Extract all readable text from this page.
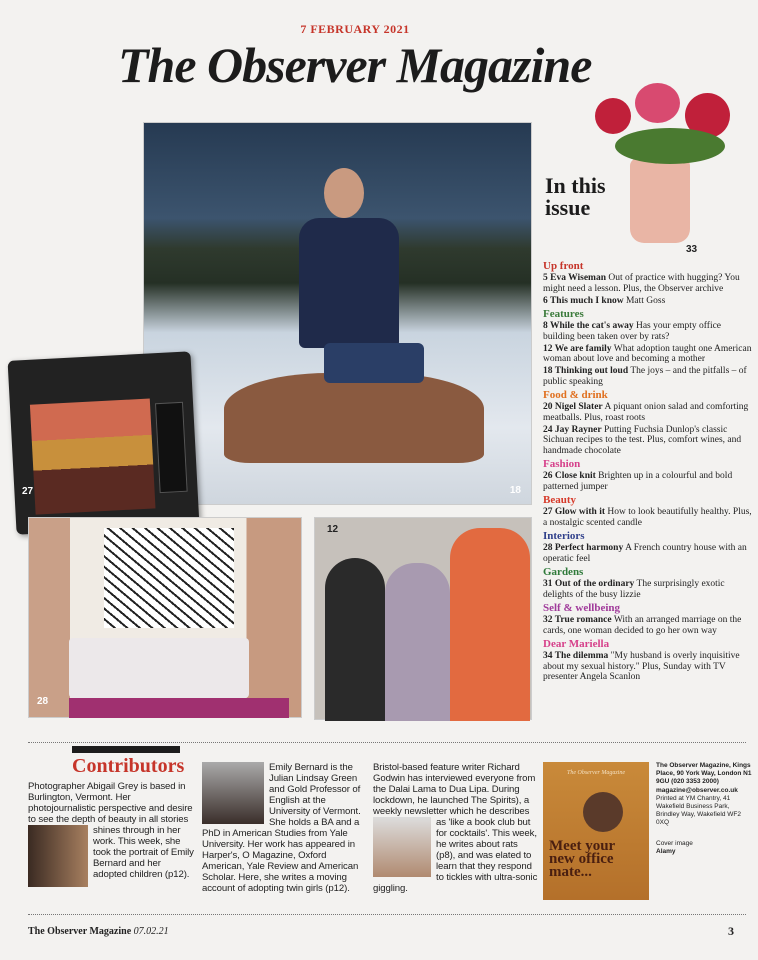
7 FEBRUARY 2021
33
The Observer Magazine
18
27
In this
issue
Up front

5 Eva Wiseman Out of practice with hugging? You might need a lesson. Plus, the Observer archive

6 This much I know Matt Goss

Features

8 While the cat's away Has your empty office building been taken over by rats?

12 We are family What adoption taught one American woman about love and becoming a mother

18 Thinking out loud The joys – and the pitfalls – of public speaking

Food & drink

20 Nigel Slater A piquant onion salad and comforting meatballs. Plus, roast roots

24 Jay Rayner Putting Fuchsia Dunlop's classic Sichuan recipes to the test. Plus, comfort wines, and handmade chocolate

Fashion

26 Close knit Brighten up in a colourful and bold patterned jumper

Beauty

27 Glow with it How to look beautifully healthy. Plus, a nostalgic scented candle

Interiors

28 Perfect harmony A French country house with an operatic feel

Gardens

31 Out of the ordinary The surprisingly exotic delights of the busy lizzie

Self & wellbeing

32 True romance With an arranged marriage on the cards, one woman decided to go her own way

Dear Mariella

34 The dilemma "My husband is overly inquisitive about my sexual history." Plus, Sunday with TV presenter Angela Scanlon

28
12
Contributors
Photographer Abigail Grey is based in Burlington, Vermont. Her photojournalistic perspective and desire to see the depth of beauty in all stories shines through in her work. This week, she took the portrait of Emily Bernard and her adopted children (p12).
Emily Bernard is the Julian Lindsay Green and Gold Professor of English at the University of Vermont. She holds a BA and a PhD in American Studies from Yale University. Her work has appeared in Harper's, O Magazine, Oxford American, Yale Review and American Scholar. Here, she writes a moving account of adopting twin girls (p12).
Bristol-based feature writer Richard Godwin has interviewed everyone from the Dalai Lama to Dua Lipa. During lockdown, he launched The Spirits), a weekly newsletter which he describes as 'like a book club but for cocktails'. This week, he writes about rats (p8), and was elated to learn that they respond to tickles with ultra-sonic giggling.
The Observer Magazine
Meet your new office mate...
The Observer Magazine, Kings Place, 90 York Way, London N1 9GU (020 3353 2000) magazine@observer.co.uk
Printed at YM Chantry, 41 Wakefield Business Park, Brindley Way, Wakefield WF2 0XQ
Cover image
Alamy
The Observer Magazine 07.02.21	3
